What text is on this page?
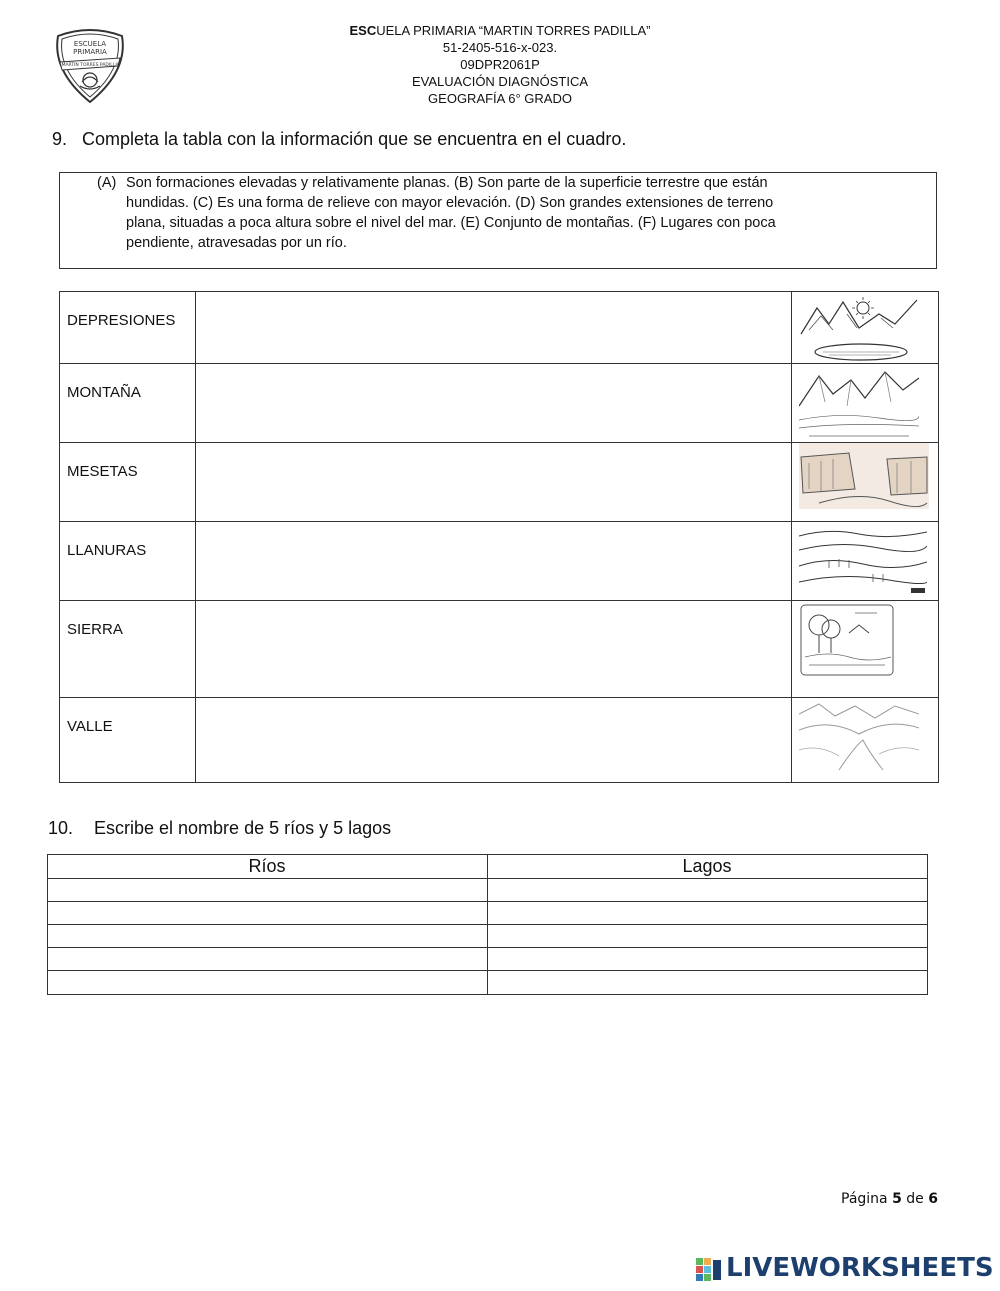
ESCUELA
PRIMARIA
MARTIN TORRES PADILLA
ESCUELA PRIMARIA “MARTIN TORRES PADILLA”
51-2405-516-x-023.
09DPR2061P
EVALUACIÓN DIAGNÓSTICA
GEOGRAFÍA 6° GRADO
9. Completa la tabla con la información que se encuentra en el cuadro.
(A) Son formaciones elevadas y relativamente planas. (B) Son parte de la superficie terrestre que están
hundidas. (C) Es una forma de relieve con mayor elevación. (D) Son grandes extensiones de terreno
plana, situadas a poca altura sobre el nivel del mar. (E) Conjunto de montañas. (F) Lugares con poca
pendiente, atravesadas por un río.
DEPRESIONES
MONTAÑA
MESETAS
LLANURAS
SIERRA
VALLE
10. Escribe el nombre de 5 ríos y 5 lagos
Ríos	Lagos
Página 5 de 6
LIVEWORKSHEETS
